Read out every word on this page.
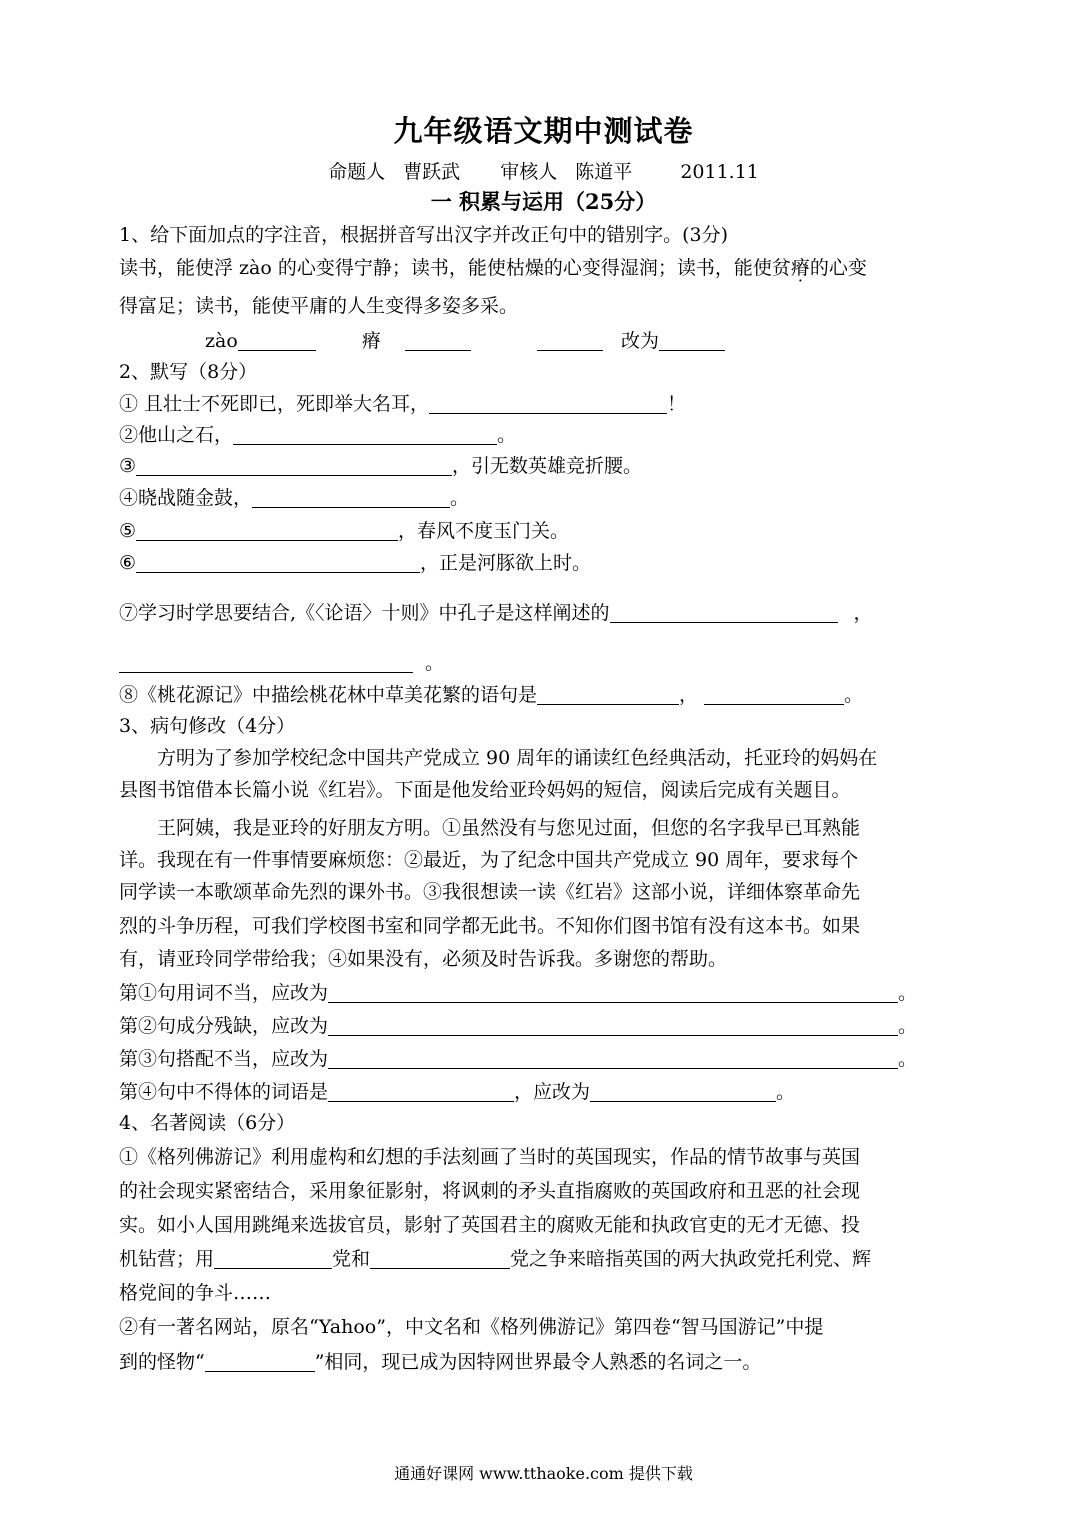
九年级语文期中测试卷
命题人 曹跃武 审核人 陈道平	2011.11
一 积累与运用（25分）
1、给下面加点的字注音，根据拼音写出汉字并改正句中的错别字。(3分)
读书，能使浮 zào 的心变得宁静；读书，能使枯燥的心变得湿润；读书，能使贫瘠的心变
得富足；读书，能使平庸的人生变得多姿多采。
zào	瘠	改为
2、默写（8分）
① 且壮士不死即已，死即举大名耳，	！
②他山之石，	。
③	，引无数英雄竞折腰。
④晓战随金鼓，	。
⑤	，春风不度玉门关。
⑥	，正是河豚欲上时。
⑦学习时学思要结合,《〈论语〉十则》中孔子是这样阐述的	，
。
⑧《桃花源记》中描绘桃花林中草美花繁的语句是	，	。
3、病句修改（4分）
方明为了参加学校纪念中国共产党成立 90 周年的诵读红色经典活动，托亚玲的妈妈在
县图书馆借本长篇小说《红岩》。下面是他发给亚玲妈妈的短信，阅读后完成有关题目。
王阿姨，我是亚玲的好朋友方明。①虽然没有与您见过面，但您的名字我早已耳熟能
详。我现在有一件事情要麻烦您：②最近，为了纪念中国共产党成立 90 周年，要求每个
同学读一本歌颂革命先烈的课外书。③我很想读一读《红岩》这部小说，详细体察革命先
烈的斗争历程，可我们学校图书室和同学都无此书。不知你们图书馆有没有这本书。如果
有，请亚玲同学带给我；④如果没有，必须及时告诉我。多谢您的帮助。
第①句用词不当，应改为	。
第②句成分残缺，应改为	。
第③句搭配不当，应改为	。
第④句中不得体的词语是	，应改为	。
4、名著阅读（6分）
①《格列佛游记》利用虚构和幻想的手法刻画了当时的英国现实，作品的情节故事与英国
的社会现实紧密结合，采用象征影射，将讽刺的矛头直指腐败的英国政府和丑恶的社会现
实。如小人国用跳绳来选拔官员，影射了英国君主的腐败无能和执政官吏的无才无德、投
机钻营；用	党和	党之争来暗指英国的两大执政党托利党、辉
格党间的争斗……
②有一著名网站，原名“Yahoo”，中文名和《格列佛游记》第四卷“智马国游记”中提
到的怪物“	”相同，现已成为因特网世界最令人熟悉的名词之一。
通通好课网 www.tthaoke.com 提供下载
